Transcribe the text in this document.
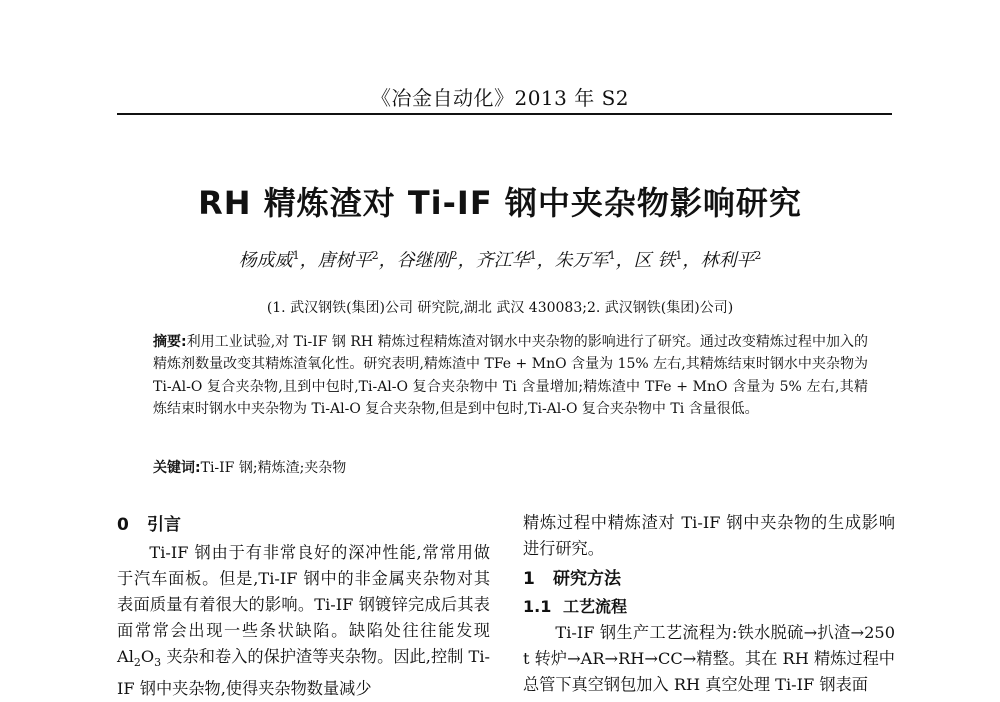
《冶金自动化》2013 年 S2
RH 精炼渣对 Ti-IF 钢中夹杂物影响研究
杨成威$^1$，唐树平$^2$，谷继刚$^2$，齐江华$^1$，朱万军$^1$，区 铁$^1$，林利平$^2$
(1. 武汉钢铁(集团)公司 研究院,湖北 武汉 430083;2. 武汉钢铁(集团)公司)
摘要:利用工业试验,对 Ti-IF 钢 RH 精炼过程精炼渣对钢水中夹杂物的影响进行了研究。通过改变精炼过程中加入的精炼剂数量改变其精炼渣氧化性。研究表明,精炼渣中 TFe + MnO 含量为 15% 左右,其精炼结束时钢水中夹杂物为 Ti-Al-O 复合夹杂物,且到中包时,Ti-Al-O 复合夹杂物中 Ti 含量增加;精炼渣中 TFe + MnO 含量为 5% 左右,其精炼结束时钢水中夹杂物为 Ti-Al-O 复合夹杂物,但是到中包时,Ti-Al-O 复合夹杂物中 Ti 含量很低。
关键词:Ti-IF 钢;精炼渣;夹杂物
0 引言
Ti-IF 钢由于有非常良好的深冲性能,常常用做于汽车面板。但是,Ti-IF 钢中的非金属夹杂物对其表面质量有着很大的影响。Ti-IF 钢镀锌完成后其表面常常会出现一些条状缺陷。缺陷处往往能发现 $Al_2O_3$ 夹杂和卷入的保护渣等夹杂物。因此,控制 Ti-IF 钢中夹杂物,使得夹杂物数量减少
精炼过程中精炼渣对 Ti-IF 钢中夹杂物的生成影响进行研究。
1 研究方法
1.1 工艺流程
Ti-IF 钢生产工艺流程为:铁水脱硫→扒渣→250 t 转炉→AR→RH→CC→精整。其在 RH 精炼过程中总管下真空钢包加入 RH 真空处理 Ti-IF 钢表面
